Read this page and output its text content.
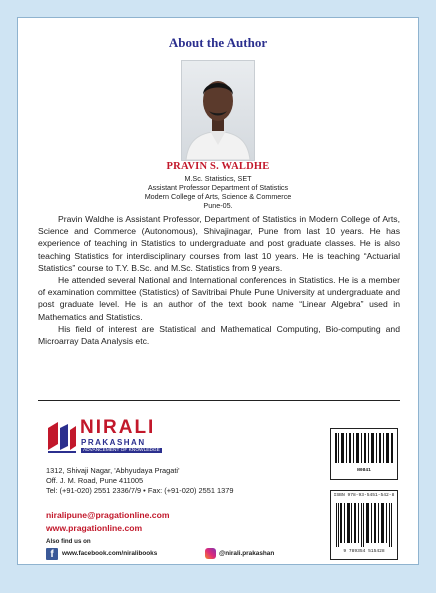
About the Author
PRAVIN S. WALDHE
M.Sc. Statistics, SET
Assistant Professor Department of Statistics
Modern College of Arts, Science & Commerce
Pune-05.

Pravin Waldhe is Assistant Professor, Department of Statistics in Modern College of Arts, Science and Commerce (Autonomous), Shivajinagar, Pune from last 10 years. He has experience of teaching in Statistics to undergraduate and post graduate classes. He is also teaching Statistics for interdisciplinary courses from last 10 years. He is teaching “Actuarial Statistics” course to T.Y. B.Sc. and M.Sc. Statistics from 9 years.

He attended several National and International conferences in Statistics. He is a member of examination committee (Statistics) of Savitribai Phule Pune University at undergraduate and post graduate level. He is an author of the text book name “Linear Algebra” used in Mathematics and Statistics.

His field of interest are Statistical and Mathematical Computing, Bio-computing and Microarray Data Analysis etc.

NIRALI
PRAKASHAN
ADVANCEMENT OF KNOWLEDGE
1312, Shivaji Nagar, 'Abhyudaya Pragati'
Off. J. M. Road, Pune 411005
Tel: (+91-020) 2551 2336/7/9 • Fax: (+91-020) 2551 1379
niralipune@pragationline.com
www.pragationline.com
Also find us on
f	www.facebook.com/niralibooks	@nirali.prakashan
N0841
ISBN 978-93-5451-542-8
9 789354 515428
